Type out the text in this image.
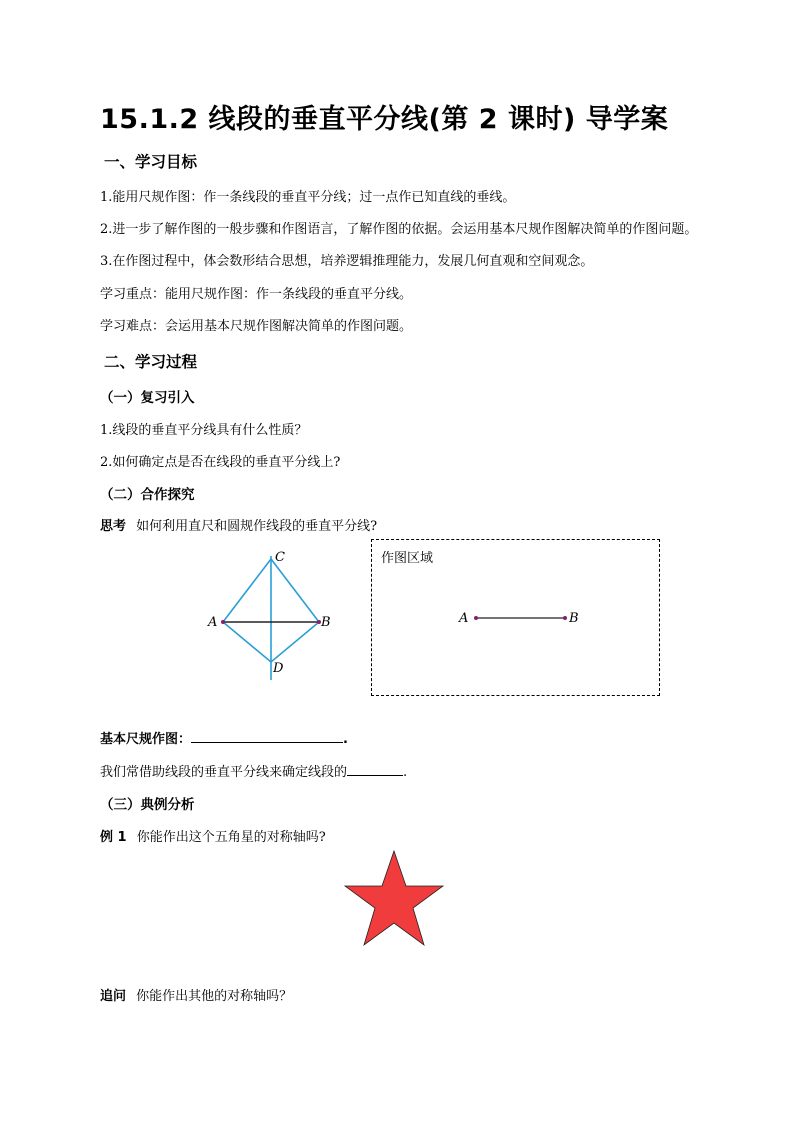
15.1.2 线段的垂直平分线(第 2 课时) 导学案
一、学习目标
1.能用尺规作图：作一条线段的垂直平分线；过一点作已知直线的垂线。
2.进一步了解作图的一般步骤和作图语言，了解作图的依据。会运用基本尺规作图解决简单的作图问题。
3.在作图过程中，体会数形结合思想，培养逻辑推理能力，发展几何直观和空间观念。
学习重点：能用尺规作图：作一条线段的垂直平分线。
学习难点：会运用基本尺规作图解决简单的作图问题。
二、学习过程
（一）复习引入
1.线段的垂直平分线具有什么性质？
2.如何确定点是否在线段的垂直平分线上?
（二）合作探究
思考 如何利用直尺和圆规作线段的垂直平分线?
C
A	B
D
作图区域
A	B
基本尺规作图：	.
我们常借助线段的垂直平分线来确定线段的	.
（三）典例分析
例 1 你能作出这个五角星的对称轴吗?
追问 你能作出其他的对称轴吗？
